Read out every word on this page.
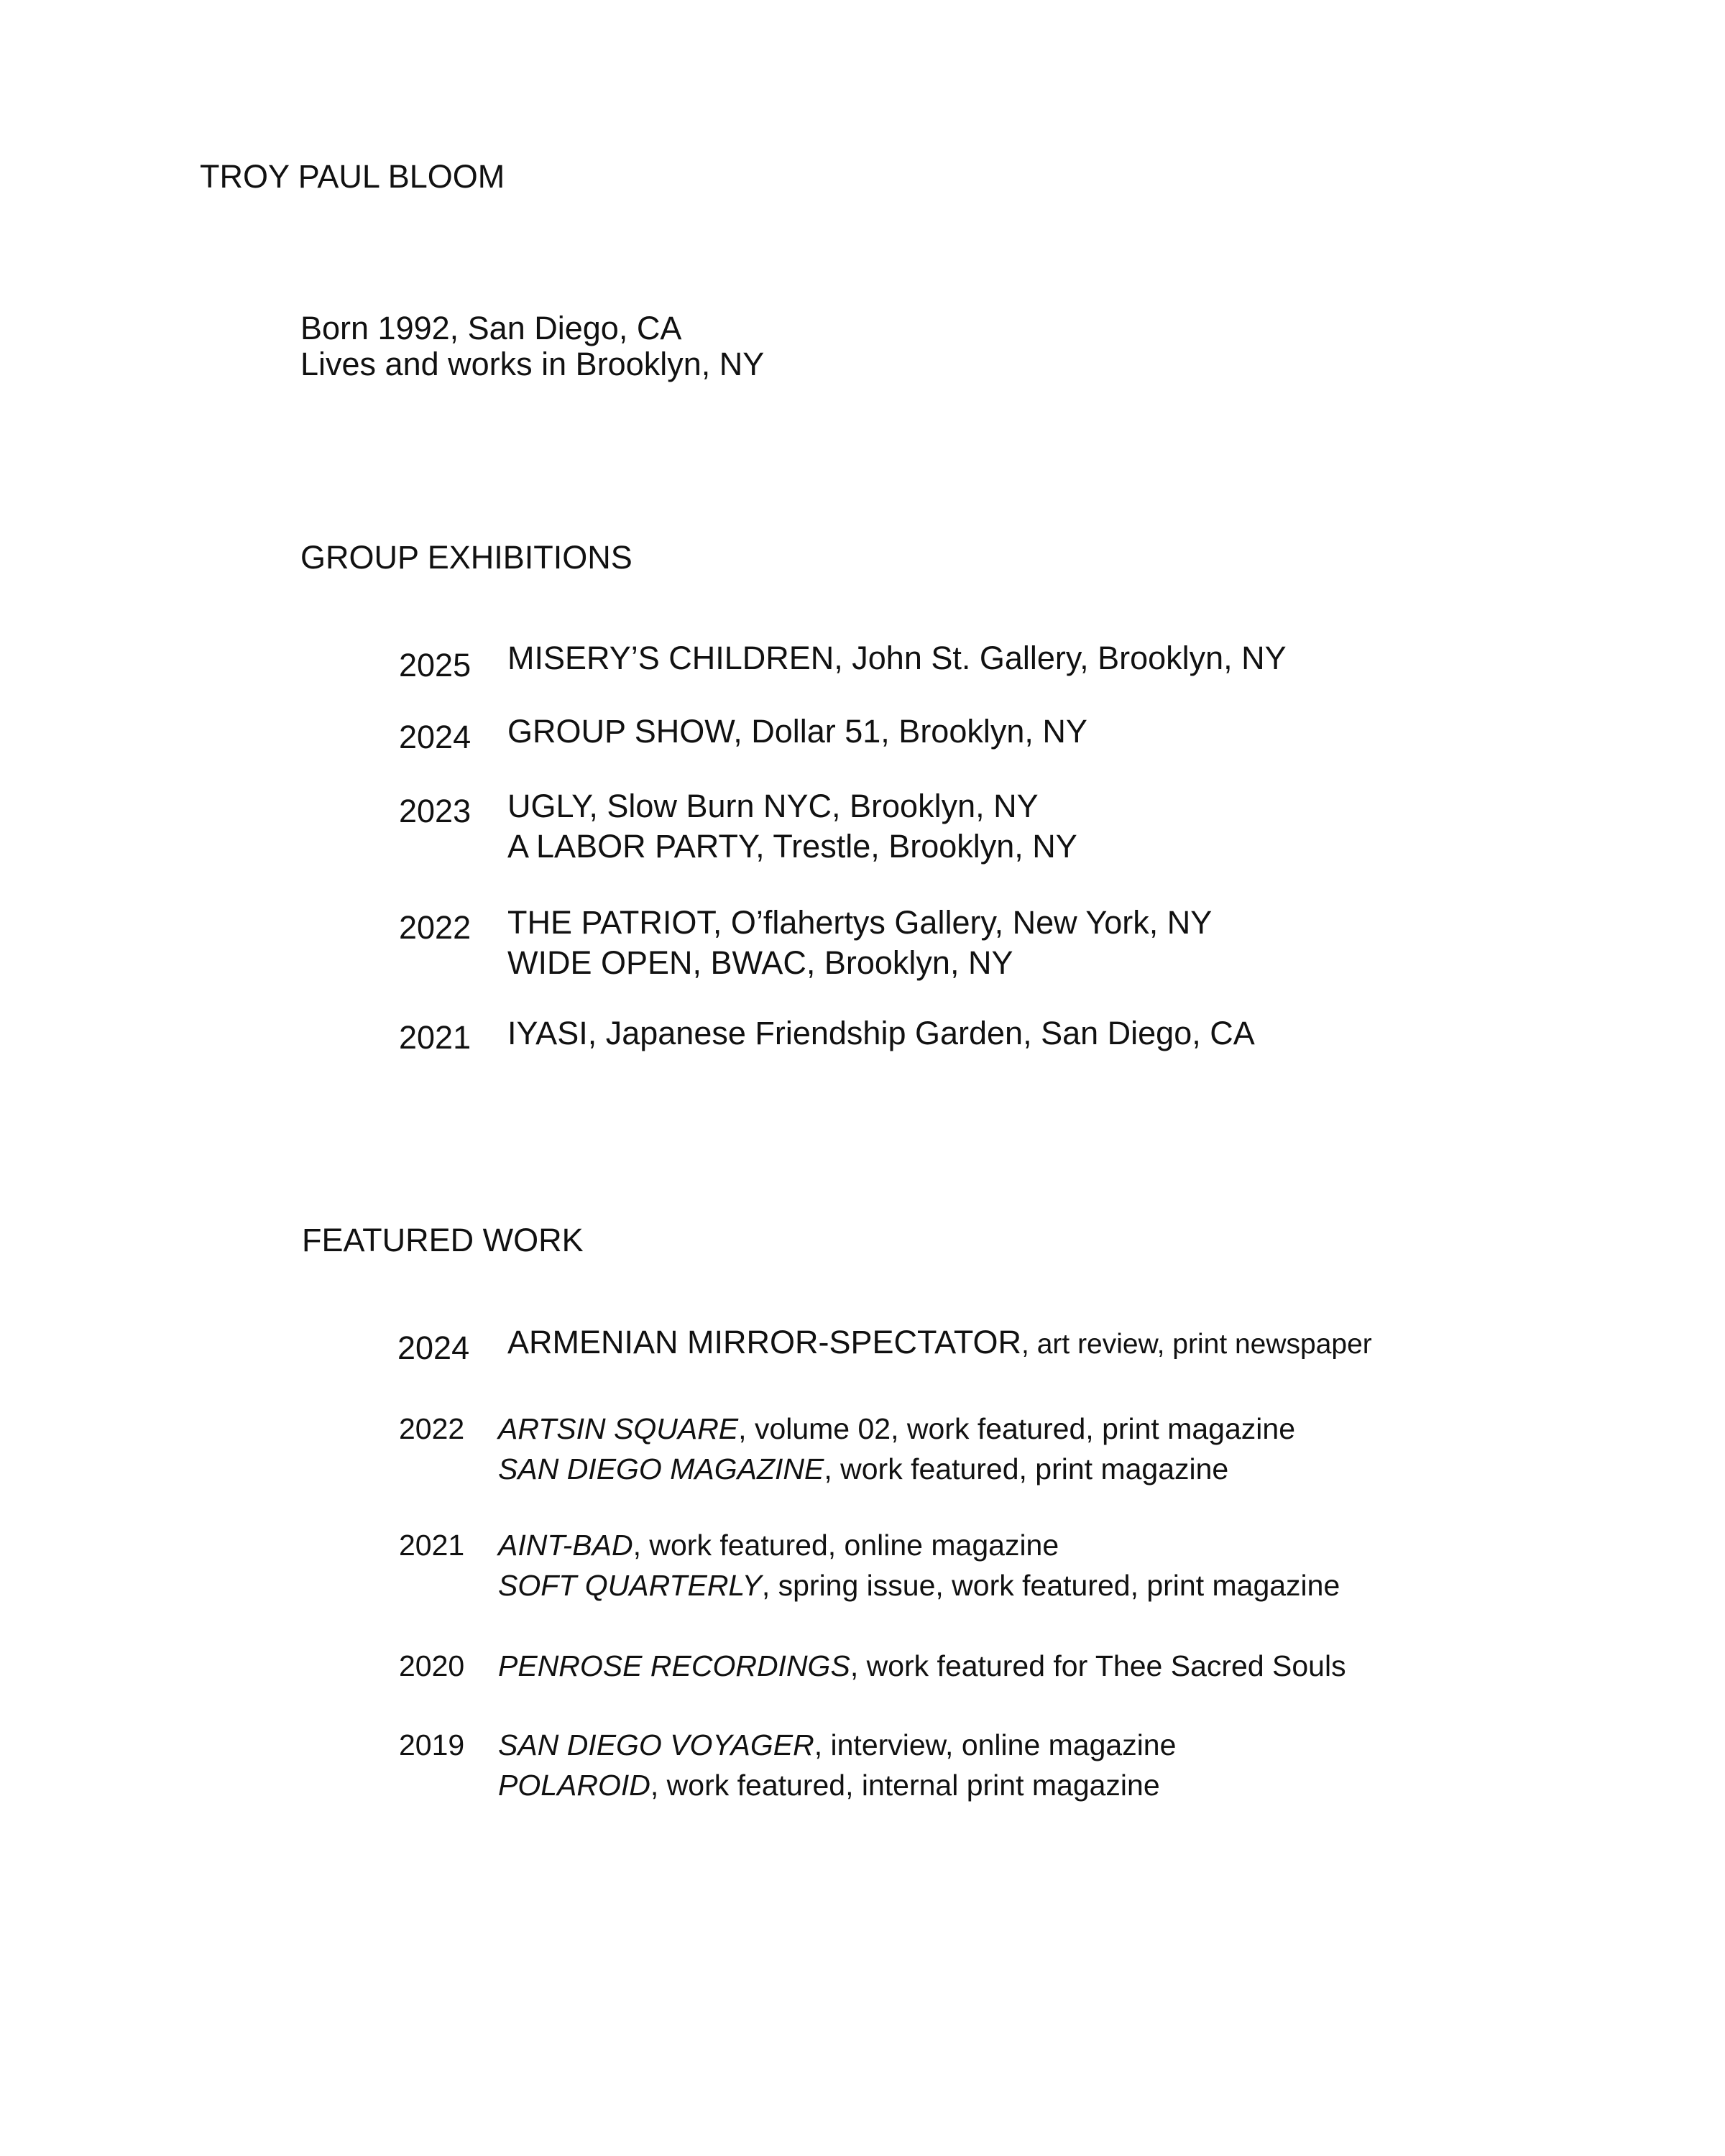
TROY PAUL BLOOM
Born 1992, San Diego, CA
Lives and works in Brooklyn, NY
GROUP EXHIBITIONS
2025 MISERY’S CHILDREN, John St. Gallery, Brooklyn, NY
2024 GROUP SHOW, Dollar 51, Brooklyn, NY
2023 UGLY, Slow Burn NYC, Brooklyn, NY
A LABOR PARTY, Trestle, Brooklyn, NY
2022 THE PATRIOT, O’flahertys Gallery, New York, NY
WIDE OPEN, BWAC, Brooklyn, NY
2021 IYASI, Japanese Friendship Garden, San Diego, CA
FEATURED WORK
2024 ARMENIAN MIRROR-SPECTATOR, art review, print newspaper
2022 ARTSIN SQUARE, volume 02, work featured, print magazine
SAN DIEGO MAGAZINE, work featured, print magazine
2021 AINT-BAD, work featured, online magazine
SOFT QUARTERLY, spring issue, work featured, print magazine
2020 PENROSE RECORDINGS, work featured for Thee Sacred Souls
2019 SAN DIEGO VOYAGER, interview, online magazine
POLAROID, work featured, internal print magazine
